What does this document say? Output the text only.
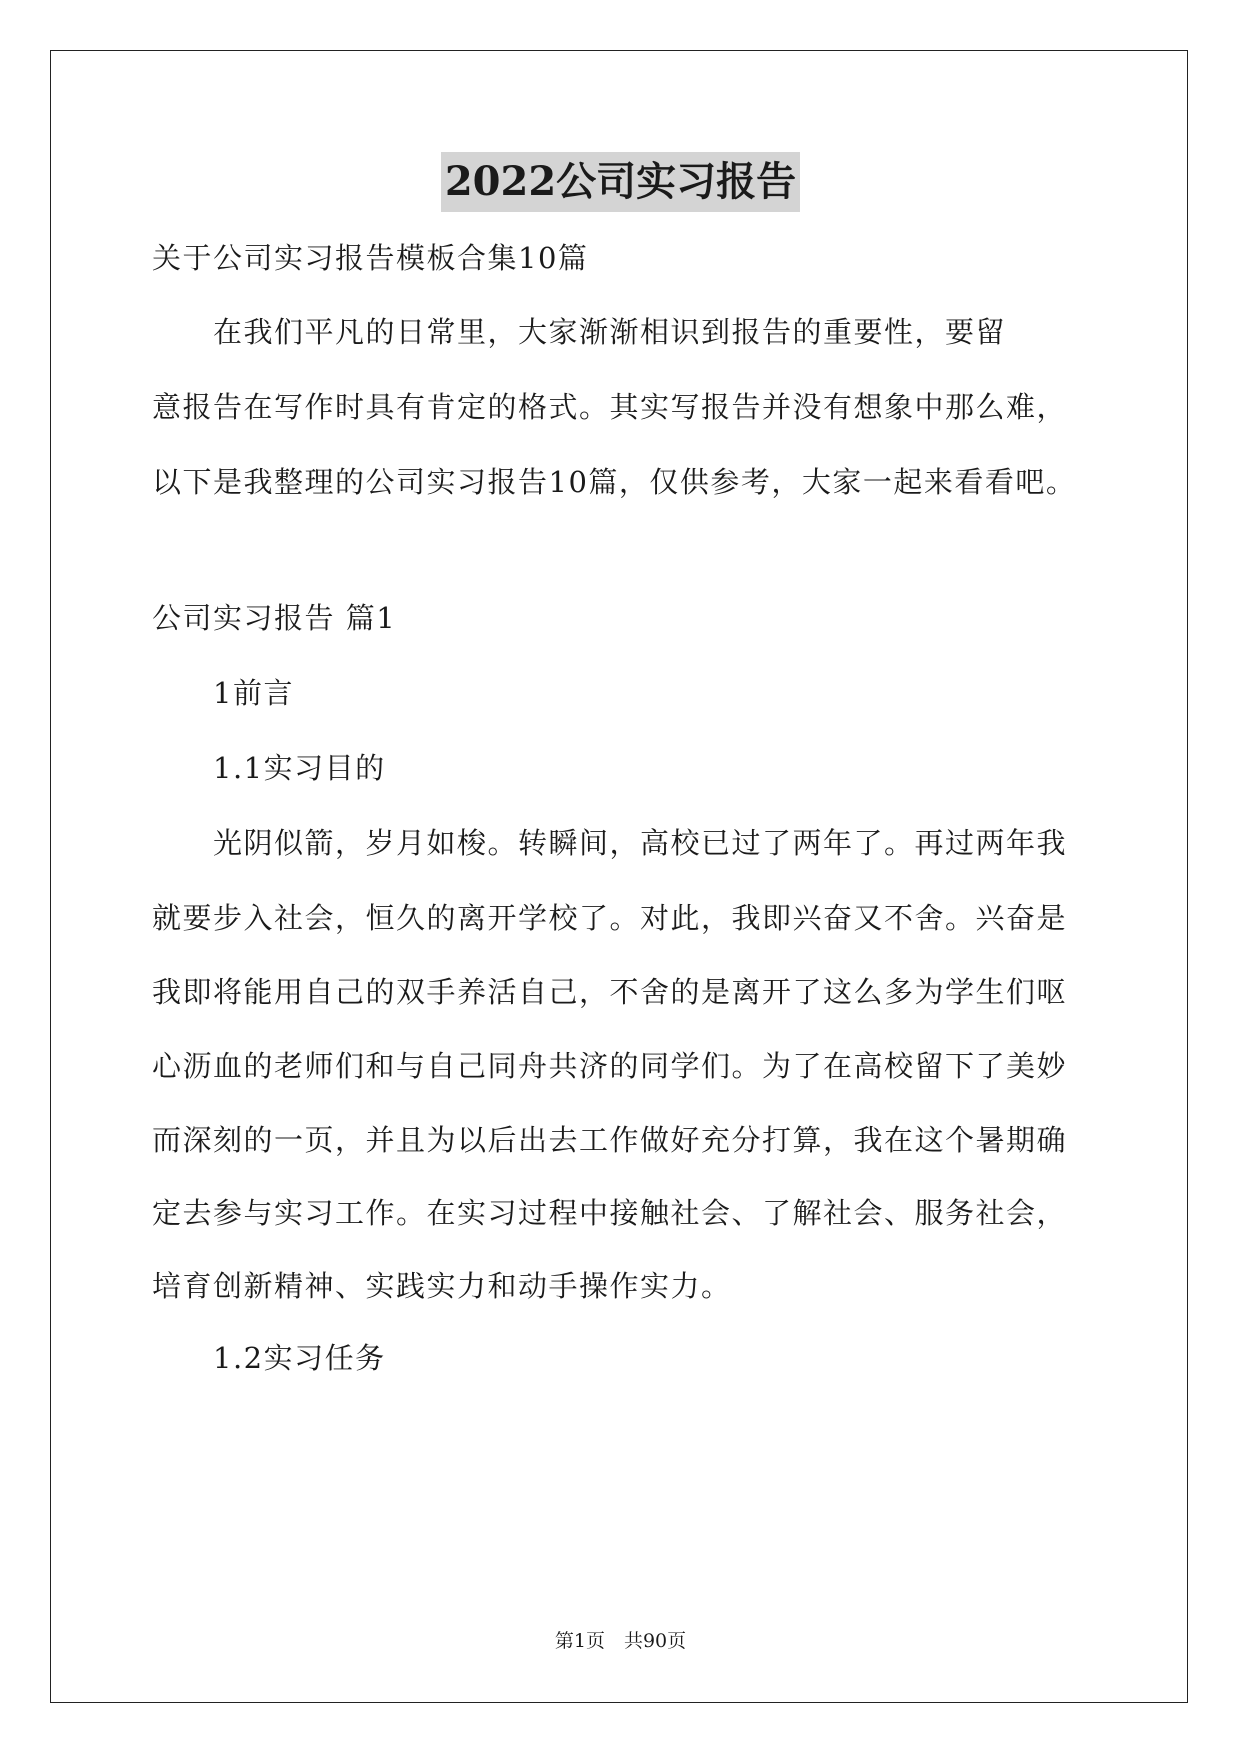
2022公司实习报告
关于公司实习报告模板合集10篇
　　在我们平凡的日常里，大家渐渐相识到报告的重要性，要留
意报告在写作时具有肯定的格式。其实写报告并没有想象中那么难，
以下是我整理的公司实习报告10篇，仅供参考，大家一起来看看吧。
公司实习报告 篇1
1前言
1.1实习目的
光阴似箭，岁月如梭。转瞬间，高校已过了两年了。再过两年我
就要步入社会，恒久的离开学校了。对此，我即兴奋又不舍。兴奋是
我即将能用自己的双手养活自己，不舍的是离开了这么多为学生们呕
心沥血的老师们和与自己同舟共济的同学们。为了在高校留下了美妙
而深刻的一页，并且为以后出去工作做好充分打算，我在这个暑期确
定去参与实习工作。在实习过程中接触社会、了解社会、服务社会，
培育创新精神、实践实力和动手操作实力。
1.2实习任务
第1页　共90页
